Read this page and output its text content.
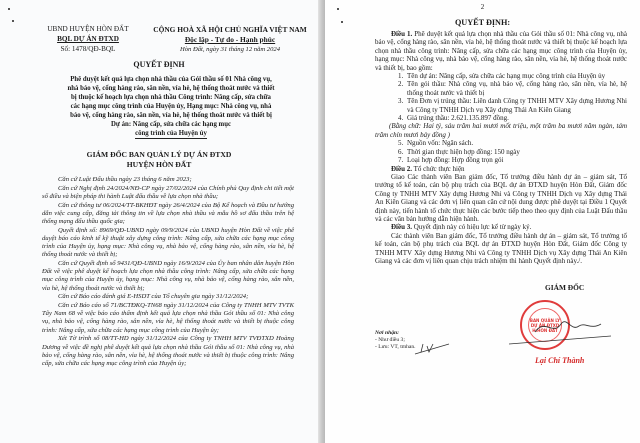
UBND HUYỆN HÒN ĐẤT
BQL DỰ ÁN ĐTXD
Số: 1478/QĐ-BQL
CỘNG HOÀ XÃ HỘI CHỦ NGHĨA VIỆT NAM
Độc lập - Tự do - Hạnh phúc
Hòn Đất, ngày 31 tháng 12 năm 2024
QUYẾT ĐỊNH
Phê duyệt kết quả lựa chọn nhà thầu của Gói thầu số 01 Nhà công vụ, nhà bảo vệ, cổng hàng rào, sân nền, vỉa hè, hệ thống thoát nước và thiết bị thuộc kế hoạch lựa chọn nhà thầu Công trình: Nâng cấp, sửa chữa các hạng mục công trình của Huyện ủy, Hạng mục: Nhà công vụ, nhà bảo vệ, cổng hàng rào, sân nền, vỉa hè, hệ thống thoát nước và thiết bị Dự án: Nâng cấp, sửa chữa các hạng mục
công trình của Huyện ủy
GIÁM ĐỐC BAN QUẢN LÝ DỰ ÁN ĐTXD
HUYỆN HÒN ĐẤT

Căn cứ Luật Đấu thầu ngày 23 tháng 6 năm 2023;

Căn cứ Nghị định 24/2024/NĐ-CP ngày 27/02/2024 của Chính phủ Quy định chi tiết một số điều và biện pháp thi hành Luật đấu thầu về lựa chọn nhà thầu;

Căn cứ thông tư 06/2024/TT-BKHĐT ngày 26/4/2024 của Bộ Kế hoạch và Đầu tư hướng dẫn việc cung cấp, đăng tải thông tin về lựa chọn nhà thầu và mẫu hồ sơ đấu thầu trên hệ thống mạng đấu thầu quốc gia;

Quyết định số: 8969/QĐ-UBND ngày 09/9/2024 của UBND huyện Hòn Đất về việc phê duyệt báo cáo kinh tế kỹ thuật xây dựng công trình: Nâng cấp, sửa chữa các hạng mục công trình của Huyện ủy, hạng mục: Nhà công vụ, nhà bảo vệ, cổng hàng rào, sân nền, vỉa hè, hệ thống thoát nước và thiết bị;

Căn cứ Quyết định số 9431/QĐ-UBND ngày 16/9/2024 của Ủy ban nhân dân huyện Hòn Đất về việc phê duyệt kế hoạch lựa chọn nhà thầu công trình: Nâng cấp, sửa chữa các hạng mục công trình của Huyện ủy, hạng mục: Nhà công vụ, nhà bảo vệ, cổng hàng rào, sân nền, vỉa hè, hệ thống thoát nước và thiết bị;

Căn cứ Báo cáo đánh giá E-HSDT của Tổ chuyên gia ngày 31/12/2024;

Căn cứ Báo cáo số 71/BCTĐKQ-TN68 ngày 31/12/2024 của Công ty TNHH MTV TVTK Tây Nam 68 về việc báo cáo thẩm định kết quả lựa chọn nhà thầu Gói thầu số 01: Nhà công vụ, nhà bảo vệ, cổng hàng rào, sân nền, vỉa hè, hệ thống thoát nước và thiết bị thuộc công trình: Nâng cấp, sửa chữa các hạng mục công trình của Huyện ủy;

Xét Tờ trình số 08/TT-HD ngày 31/12/2024 của Công ty TNHH MTV TVĐTXD Hoàng Dương về việc đề nghị phê duyệt kết quả lựa chọn nhà thầu Gói thầu số 01: Nhà công vụ, nhà bảo vệ, cổng hàng rào, sân nền, vỉa hè, hệ thống thoát nước và thiết bị thuộc công trình: Nâng cấp, sửa chữa các hạng mục công trình của Huyện ủy;

2
QUYẾT ĐỊNH:

Điều 1. Phê duyệt kết quả lựa chọn nhà thầu của Gói thầu số 01: Nhà công vụ, nhà bảo vệ, cổng hàng rào, sân nền, vỉa hè, hệ thống thoát nước và thiết bị thuộc kế hoạch lựa chọn nhà thầu công trình: Nâng cấp, sửa chữa các hạng mục công trình của Huyện ủy, hạng mục: Nhà công vụ, nhà bảo vệ, cổng hàng rào, sân nền, vỉa hè, hệ thống thoát nước và thiết bị, bao gồm:

1. Tên dự án: Nâng cấp, sửa chữa các hạng mục công trình của Huyện ủy
2. Tên gói thầu: Nhà công vụ, nhà bảo vệ, cổng hàng rào, sân nền, vỉa hè, hệ thống thoát nước và thiết bị
3. Tên Đơn vị trúng thầu: Liên danh Công ty TNHH MTV Xây dựng Hương Nhi và Công ty TNHH Dịch vụ Xây dựng Thái An Kiên Giang
4. Giá trúng thầu: 2.621.135.897 đồng.

(Bằng chữ: Hai tỷ, sáu trăm hai mươi mốt triệu, một trăm ba mươi năm ngàn, tám trăm chín mươi bảy đồng )

5. Nguồn vốn: Ngân sách.
6. Thời gian thực hiện hợp đồng: 150 ngày
7. Loại hợp đồng: Hợp đồng trọn gói

Điều 2. Tổ chức thực hiện

Giao Các thành viên Ban giám đốc, Tổ trưởng điều hành dự án – giám sát, Tổ trưởng tổ kế toán, cán bộ phụ trách của BQL dự án ĐTXD huyện Hòn Đất, Giám đốc Công ty TNHH MTV Xây dựng Hương Nhi và Công ty TNHH Dịch vụ Xây dựng Thái An Kiên Giang và các đơn vị liên quan căn cứ nội dung được phê duyệt tại Điều 1 Quyết định này, tiến hành tổ chức thực hiện các bước tiếp theo theo quy định của Luật Đấu thầu và các văn bản hướng dẫn hiện hành.

Điều 3. Quyết định này có hiệu lực kể từ ngày ký.

Các thành viên Ban giám đốc, Tổ trưởng điều hành dự án – giám sát, Tổ trưởng tổ kế toán, cán bộ phụ trách của BQL dự án ĐTXD huyện Hòn Đất, Giám đốc Công ty TNHH MTV Xây dựng Hương Nhi và Công ty TNHH Dịch vụ Xây dựng Thái An Kiên Giang và các đơn vị liên quan chịu trách nhiệm thi hành Quyết định này./.

Nơi nhận:
- Như điều 3;
- Lưu: VT, tmhan.
GIÁM ĐỐC
BAN QUẢN LÝ DỰ ÁN ĐTXD H.HÒN ĐẤT
Lại Chí Thành
